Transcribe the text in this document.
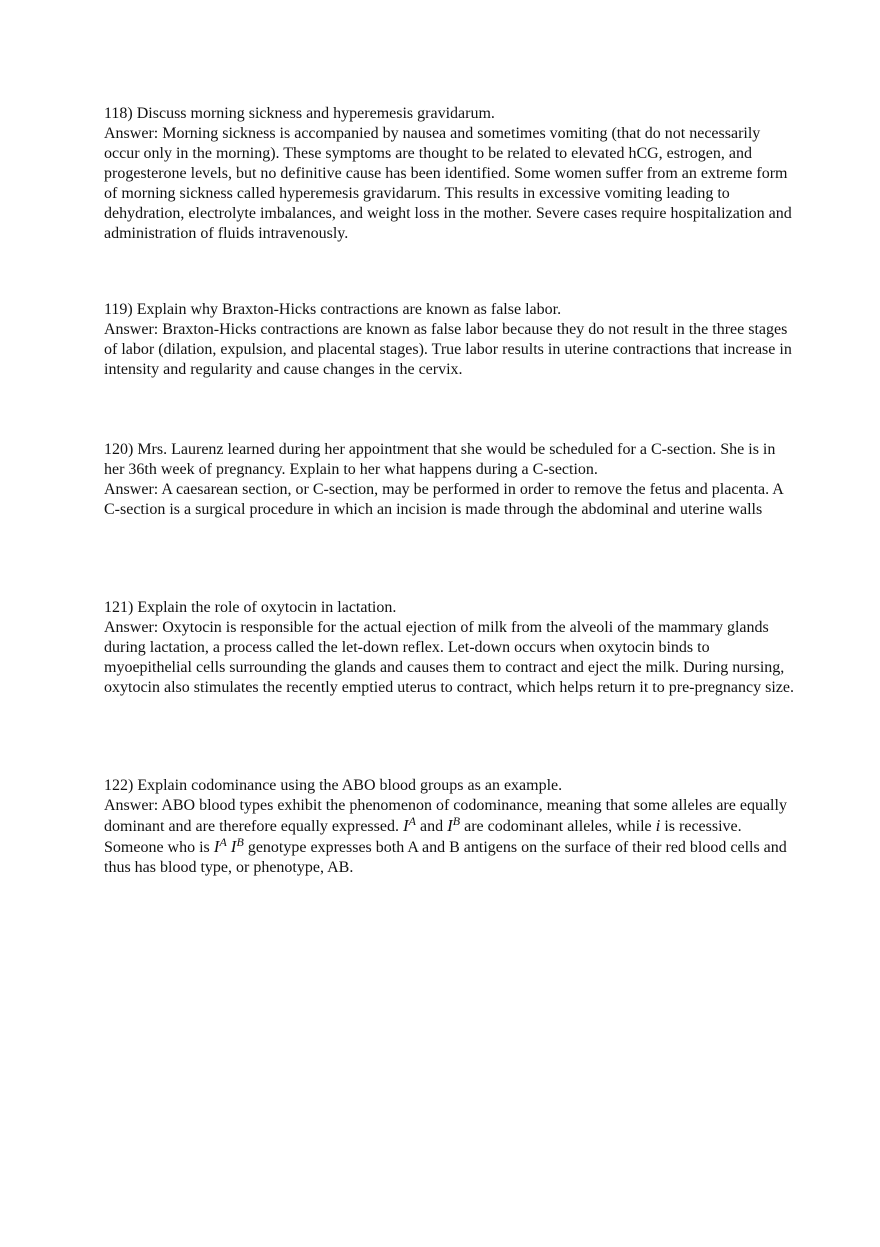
118) Discuss morning sickness and hyperemesis gravidarum.

Answer: Morning sickness is accompanied by nausea and sometimes vomiting (that do not necessarily occur only in the morning). These symptoms are thought to be related to elevated hCG, estrogen, and progesterone levels, but no definitive cause has been identified. Some women suffer from an extreme form of morning sickness called hyperemesis gravidarum. This results in excessive vomiting leading to dehydration, electrolyte imbalances, and weight loss in the mother. Severe cases require hospitalization and administration of fluids intravenously.

119) Explain why Braxton-Hicks contractions are known as false labor.

Answer: Braxton-Hicks contractions are known as false labor because they do not result in the three stages of labor (dilation, expulsion, and placental stages). True labor results in uterine contractions that increase in intensity and regularity and cause changes in the cervix.

120) Mrs. Laurenz learned during her appointment that she would be scheduled for a C-section. She is in her 36th week of pregnancy. Explain to her what happens during a C-section.

Answer: A caesarean section, or C-section, may be performed in order to remove the fetus and placenta. A C-section is a surgical procedure in which an incision is made through the abdominal and uterine walls

121) Explain the role of oxytocin in lactation.

Answer: Oxytocin is responsible for the actual ejection of milk from the alveoli of the mammary glands during lactation, a process called the let-down reflex. Let-down occurs when oxytocin binds to myoepithelial cells surrounding the glands and causes them to contract and eject the milk. During nursing, oxytocin also stimulates the recently emptied uterus to contract, which helps return it to pre-pregnancy size.

122) Explain codominance using the ABO blood groups as an example.

Answer: ABO blood types exhibit the phenomenon of codominance, meaning that some alleles are equally dominant and are therefore equally expressed. $I^A$ and $I^B$ are codominant alleles, while i is recessive. Someone who is $I^A$ $I^B$ genotype expresses both A and B antigens on the surface of their red blood cells and thus has blood type, or phenotype, AB.
